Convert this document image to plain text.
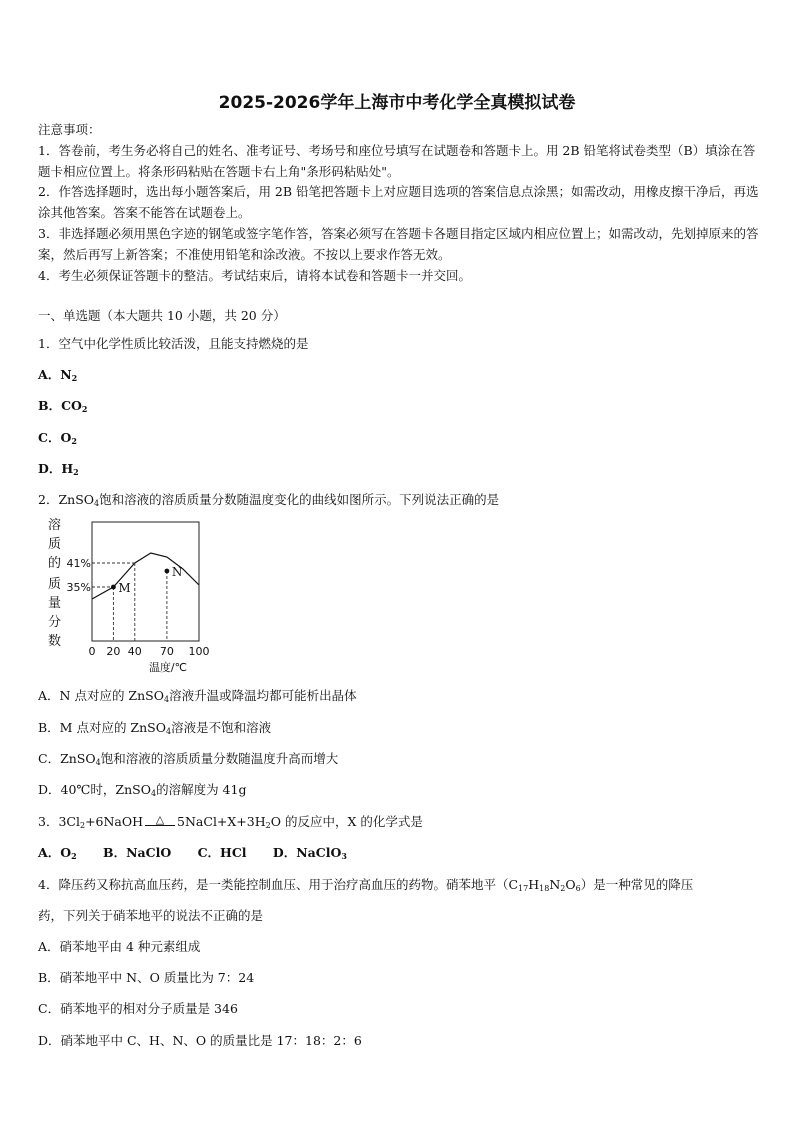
2025-2026学年上海市中考化学全真模拟试卷

注意事项：

1．答卷前，考生务必将自己的姓名、准考证号、考场号和座位号填写在试题卷和答题卡上。用 2B 铅笔将试卷类型（B）填涂在答题卡相应位置上。将条形码粘贴在答题卡右上角"条形码粘贴处"。

2．作答选择题时，选出每小题答案后，用 2B 铅笔把答题卡上对应题目选项的答案信息点涂黑；如需改动，用橡皮擦干净后，再选涂其他答案。答案不能答在试题卷上。

3．非选择题必须用黑色字迹的钢笔或签字笔作答，答案必须写在答题卡各题目指定区域内相应位置上；如需改动，先划掉原来的答案，然后再写上新答案；不准使用铅笔和涂改液。不按以上要求作答无效。

4．考生必须保证答题卡的整洁。考试结束后，请将本试卷和答题卡一并交回。

一、单选题（本大题共 10 小题，共 20 分）
1．空气中化学性质比较活泼，且能支持燃烧的是
A．$N_2$
B．$CO_2$
C．$O_2$
D．$H_2$
2．ZnSO$_4$饱和溶液的溶质质量分数随温度变化的曲线如图所示。下列说法正确的是
溶
质
的
质
量
分
数
35%
41%
0 20 40 70 100
M
N
温度/℃
A．N 点对应的 ZnSO$_4$溶液升温或降温均都可能析出晶体
B．M 点对应的 ZnSO$_4$溶液是不饱和溶液
C．ZnSO$_4$饱和溶液的溶质质量分数随温度升高而增大
D．40℃时，ZnSO$_4$的溶解度为 41g
3．$3Cl_2+6NaOH$ △ $5NaCl+X+3H_2O$ 的反应中，X 的化学式是
A．$O_2$ B．NaClO C．HCl D．NaClO$_3$
4．降压药又称抗高血压药，是一类能控制血压、用于治疗高血压的药物。硝苯地平$(C_{17}H_{18}N_2O_6)$是一种常见的降压
药，下列关于硝苯地平的说法不正确的是
A．硝苯地平由 4 种元素组成
B．硝苯地平中 N、O 质量比为 7：24
C．硝苯地平的相对分子质量是 346
D．硝苯地平中 C、H、N、O 的质量比是 17：18：2：6
